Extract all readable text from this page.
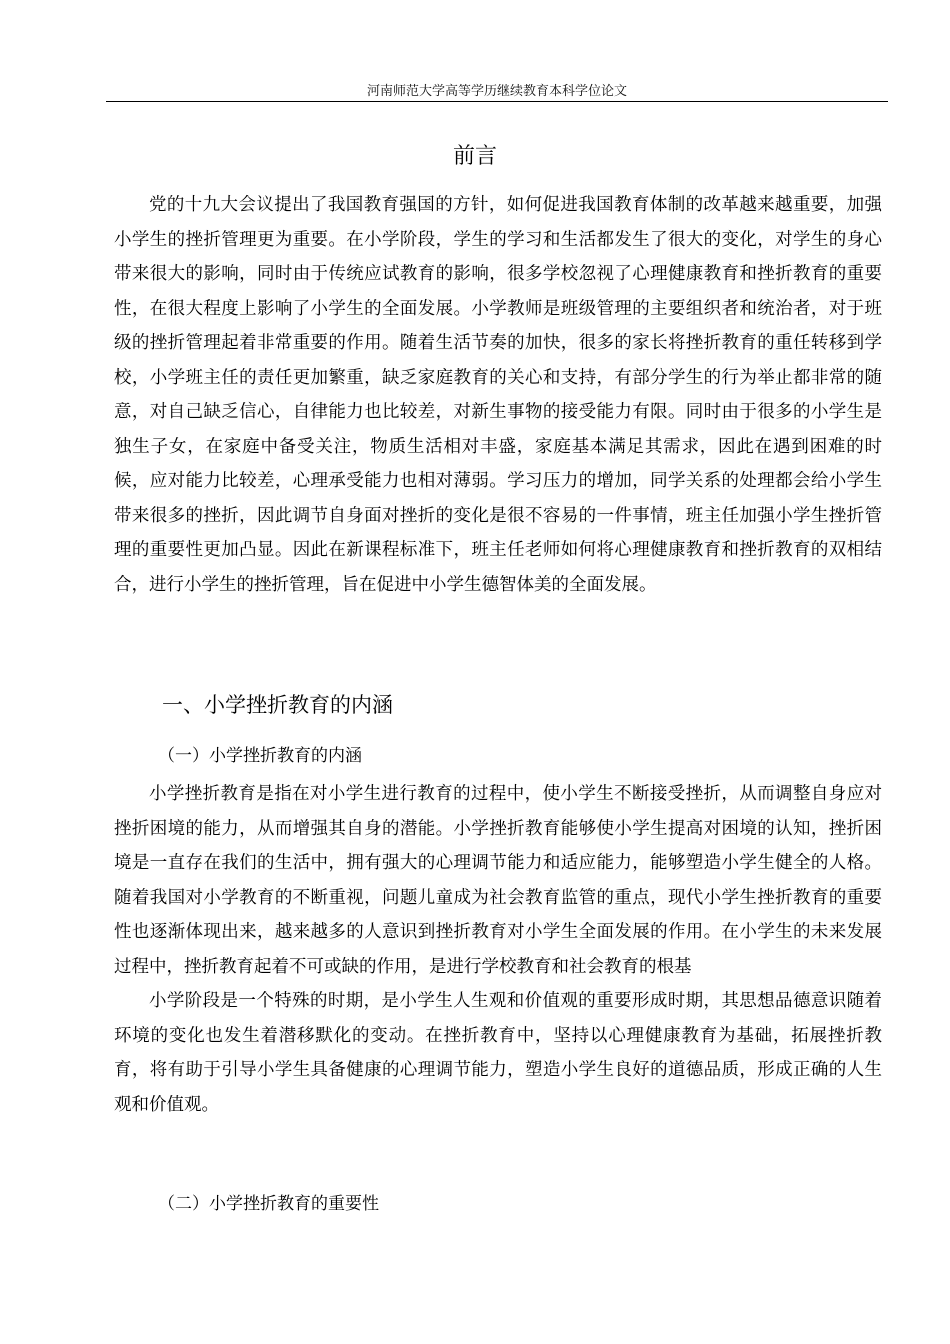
河南师范大学高等学历继续教育本科学位论文
前言

党的十九大会议提出了我国教育强国的方针，如何促进我国教育体制的改革越来越重要，加强小学生的挫折管理更为重要。在小学阶段，学生的学习和生活都发生了很大的变化，对学生的身心带来很大的影响，同时由于传统应试教育的影响，很多学校忽视了心理健康教育和挫折教育的重要性，在很大程度上影响了小学生的全面发展。小学教师是班级管理的主要组织者和统治者，对于班级的挫折管理起着非常重要的作用。随着生活节奏的加快，很多的家长将挫折教育的重任转移到学校，小学班主任的责任更加繁重，缺乏家庭教育的关心和支持，有部分学生的行为举止都非常的随意，对自己缺乏信心，自律能力也比较差，对新生事物的接受能力有限。同时由于很多的小学生是独生子女，在家庭中备受关注，物质生活相对丰盛，家庭基本满足其需求，因此在遇到困难的时候，应对能力比较差，心理承受能力也相对薄弱。学习压力的增加，同学关系的处理都会给小学生带来很多的挫折，因此调节自身面对挫折的变化是很不容易的一件事情，班主任加强小学生挫折管理的重要性更加凸显。因此在新课程标准下，班主任老师如何将心理健康教育和挫折教育的双相结合，进行小学生的挫折管理，旨在促进中小学生德智体美的全面发展。

一、小学挫折教育的内涵
（一）小学挫折教育的内涵

小学挫折教育是指在对小学生进行教育的过程中，使小学生不断接受挫折，从而调整自身应对挫折困境的能力，从而增强其自身的潜能。小学挫折教育能够使小学生提高对困境的认知，挫折困境是一直存在我们的生活中，拥有强大的心理调节能力和适应能力，能够塑造小学生健全的人格。随着我国对小学教育的不断重视，问题儿童成为社会教育监管的重点，现代小学生挫折教育的重要性也逐渐体现出来，越来越多的人意识到挫折教育对小学生全面发展的作用。在小学生的未来发展过程中，挫折教育起着不可或缺的作用，是进行学校教育和社会教育的根基

小学阶段是一个特殊的时期，是小学生人生观和价值观的重要形成时期，其思想品德意识随着环境的变化也发生着潜移默化的变动。在挫折教育中，坚持以心理健康教育为基础，拓展挫折教育，将有助于引导小学生具备健康的心理调节能力，塑造小学生良好的道德品质，形成正确的人生观和价值观。

（二）小学挫折教育的重要性
